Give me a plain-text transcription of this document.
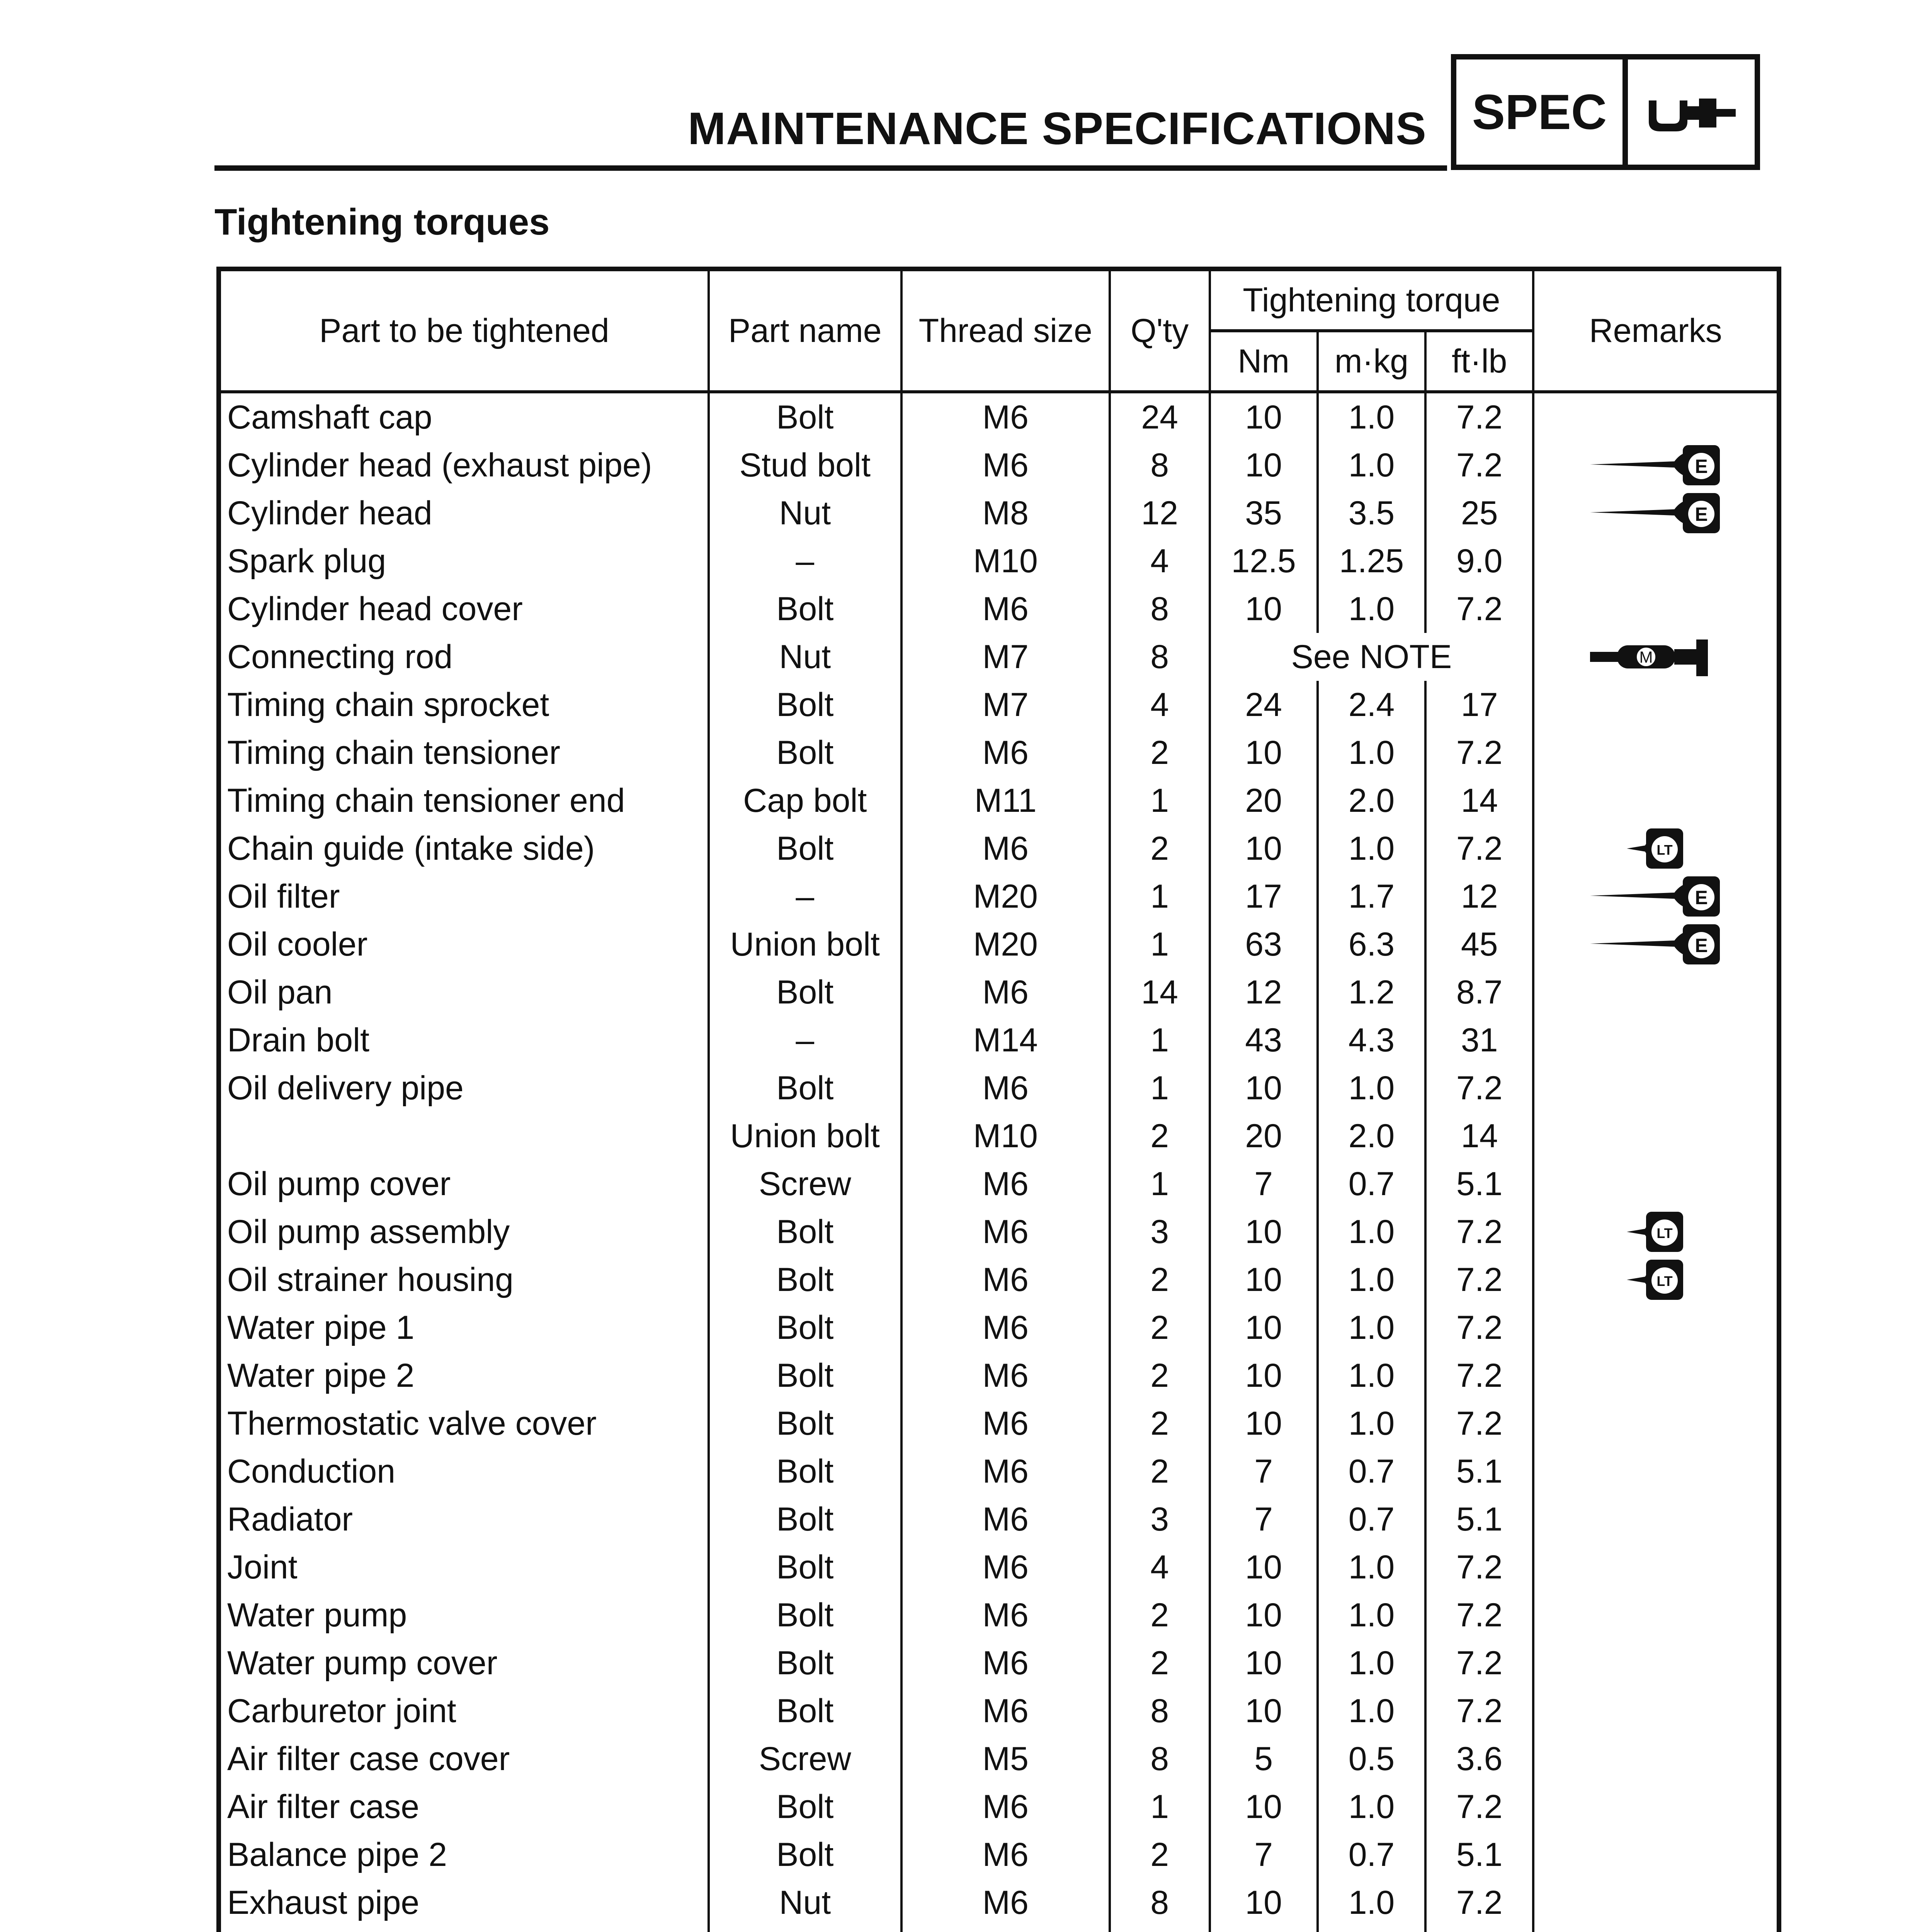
MAINTENANCE SPECIFICATIONS SPEC
Tightening torques
Part to be tightened	Part name	Thread size	Q'ty	Tightening torque			Remarks
				Nm	m·kg	ft·lb	
Camshaft cap	Bolt	M6	24	10	1.0	7.2	
Cylinder head (exhaust pipe)	Stud bolt	M6	8	10	1.0	7.2	E

Cylinder head	Nut	M8	12	35	3.5	25	E

Spark plug	–	M10	4	12.5	1.25	9.0	
Cylinder head cover	Bolt	M6	8	10	1.0	7.2	
Connecting rod	Nut	M7	8	See NOTE			M

Timing chain sprocket	Bolt	M7	4	24	2.4	17	
Timing chain tensioner	Bolt	M6	2	10	1.0	7.2	
Timing chain tensioner end	Cap bolt	M11	1	20	2.0	14	
Chain guide (intake side)	Bolt	M6	2	10	1.0	7.2	LT

Oil filter	–	M20	1	17	1.7	12	E

Oil cooler	Union bolt	M20	1	63	6.3	45	E

Oil pan	Bolt	M6	14	12	1.2	8.7	
Drain bolt	–	M14	1	43	4.3	31	
Oil delivery pipe	Bolt	M6	1	10	1.0	7.2	
	Union bolt	M10	2	20	2.0	14	
Oil pump cover	Screw	M6	1	7	0.7	5.1	
Oil pump assembly	Bolt	M6	3	10	1.0	7.2	LT

Oil strainer housing	Bolt	M6	2	10	1.0	7.2	LT

Water pipe 1	Bolt	M6	2	10	1.0	7.2	
Water pipe 2	Bolt	M6	2	10	1.0	7.2	
Thermostatic valve cover	Bolt	M6	2	10	1.0	7.2	
Conduction	Bolt	M6	2	7	0.7	5.1	
Radiator	Bolt	M6	3	7	0.7	5.1	
Joint	Bolt	M6	4	10	1.0	7.2	
Water pump	Bolt	M6	2	10	1.0	7.2	
Water pump cover	Bolt	M6	2	10	1.0	7.2	
Carburetor joint	Bolt	M6	8	10	1.0	7.2	
Air filter case cover	Screw	M5	8	5	0.5	3.6	
Air filter case	Bolt	M6	1	10	1.0	7.2	
Balance pipe 2	Bolt	M6	2	7	0.7	5.1	
Exhaust pipe	Nut	M6	8	10	1.0	7.2	
